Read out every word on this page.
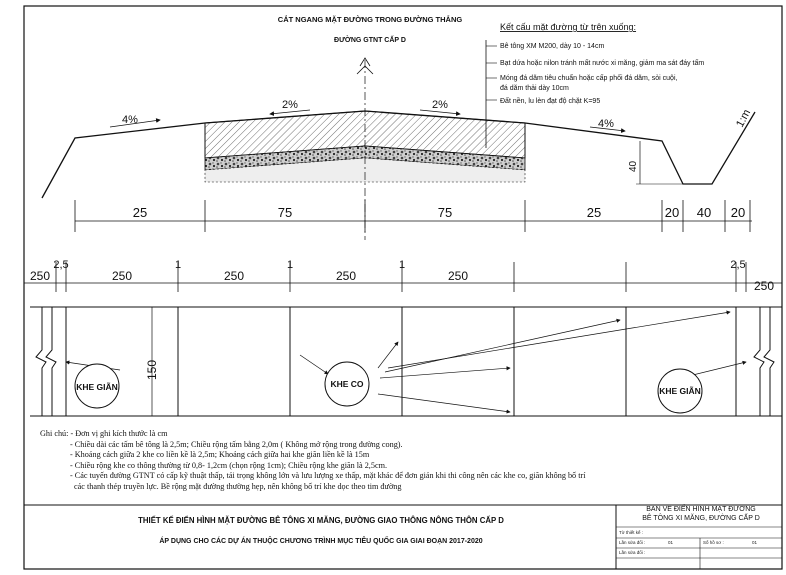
4%
2%	2%
4%	1:m
40
CẮT NGANG MẶT ĐƯỜNG TRONG ĐƯỜNG THẲNG
ĐƯỜNG GTNT CẤP D
Kết cấu mặt đường từ trên xuống:
Bê tông XM M200, dày 10 - 14cm
Bạt dứa hoặc nilon tránh mất nước xi măng, giảm ma sát đáy tấm
Móng đá dăm tiêu chuẩn hoặc cấp phối đá dăm, sỏi cuội,
đá dăm thải dày 10cm
Đất nền, lu lèn đạt độ chặt K=95
25	75	75	25	20 40 20
250
2,5
250
1
250
1
250
1
250
2,5
250
150
KHE GIÃN	KHE CO
KHE GIÃN
Ghi chú: - Đơn vị ghi kích thước là cm
- Chiều dài các tấm bê tông là 2,5m; Chiều rộng tấm bằng 2,0m ( Không mở rộng trong đường cong).
- Khoảng cách giữa 2 khe co liền kề là 2,5m; Khoảng cách giữa hai khe giãn liền kề là 15m
- Chiều rộng khe co thông thường từ 0,8- 1,2cm (chọn rộng 1cm); Chiều rộng khe giãn là 2,5cm.
- Các tuyến đường GTNT có cấp kỹ thuật thấp, tải trọng không lớn và lưu lượng xe thấp, mặt khác để đơn giản khi thi công nên các khe co, giãn không bố trí
các thanh thép truyền lực. Bề rộng mặt đường thường hẹp, nên không bố trí khe dọc theo tim đường
THIẾT KẾ ĐIỂN HÌNH MẶT ĐƯỜNG BÊ TÔNG XI MĂNG, ĐƯỜNG GIAO THÔNG NÔNG THÔN CẤP D
ÁP DỤNG CHO CÁC DỰ ÁN THUỘC CHƯƠNG TRÌNH MỤC TIÊU QUỐC GIA GIAI ĐOẠN 2017-2020
BẢN VẼ ĐIỂN HÌNH MẶT ĐƯỜNG
BÊ TÔNG XI MĂNG, ĐƯỜNG CẤP D
Tờ thiết kế :
Lần sửa đổi :	01	Số hồ sơ :	01
Lần sửa đổi :
